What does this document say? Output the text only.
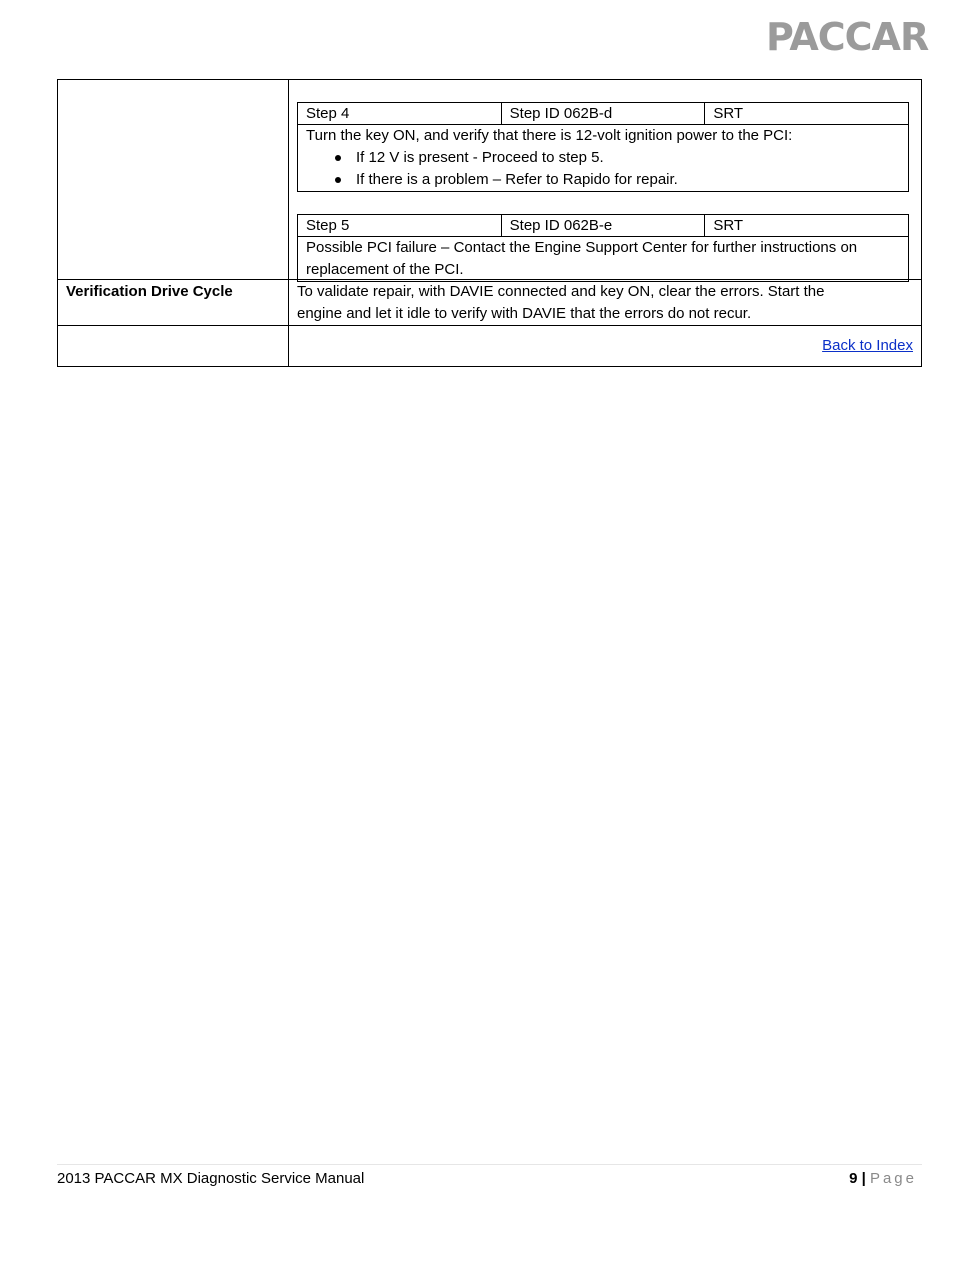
PACCAR

Step 4	Step ID 062B-d	SRT

Turn the key ON, and verify that there is 12-volt ignition power to the PCI:
If 12 V is present - Proceed to step 5.
If there is a problem – Refer to Rapido for repair.
Step 5	Step ID 062B-e	SRT

Possible PCI failure – Contact the Engine Support Center for further instructions on
replacement of the PCI.

Verification Drive Cycle	To validate repair, with DAVIE connected and key ON, clear the errors. Start the
engine and let it idle to verify with DAVIE that the errors do not recur.

	Back to Index
2013 PACCAR MX Diagnostic Service Manual	9 | Page
